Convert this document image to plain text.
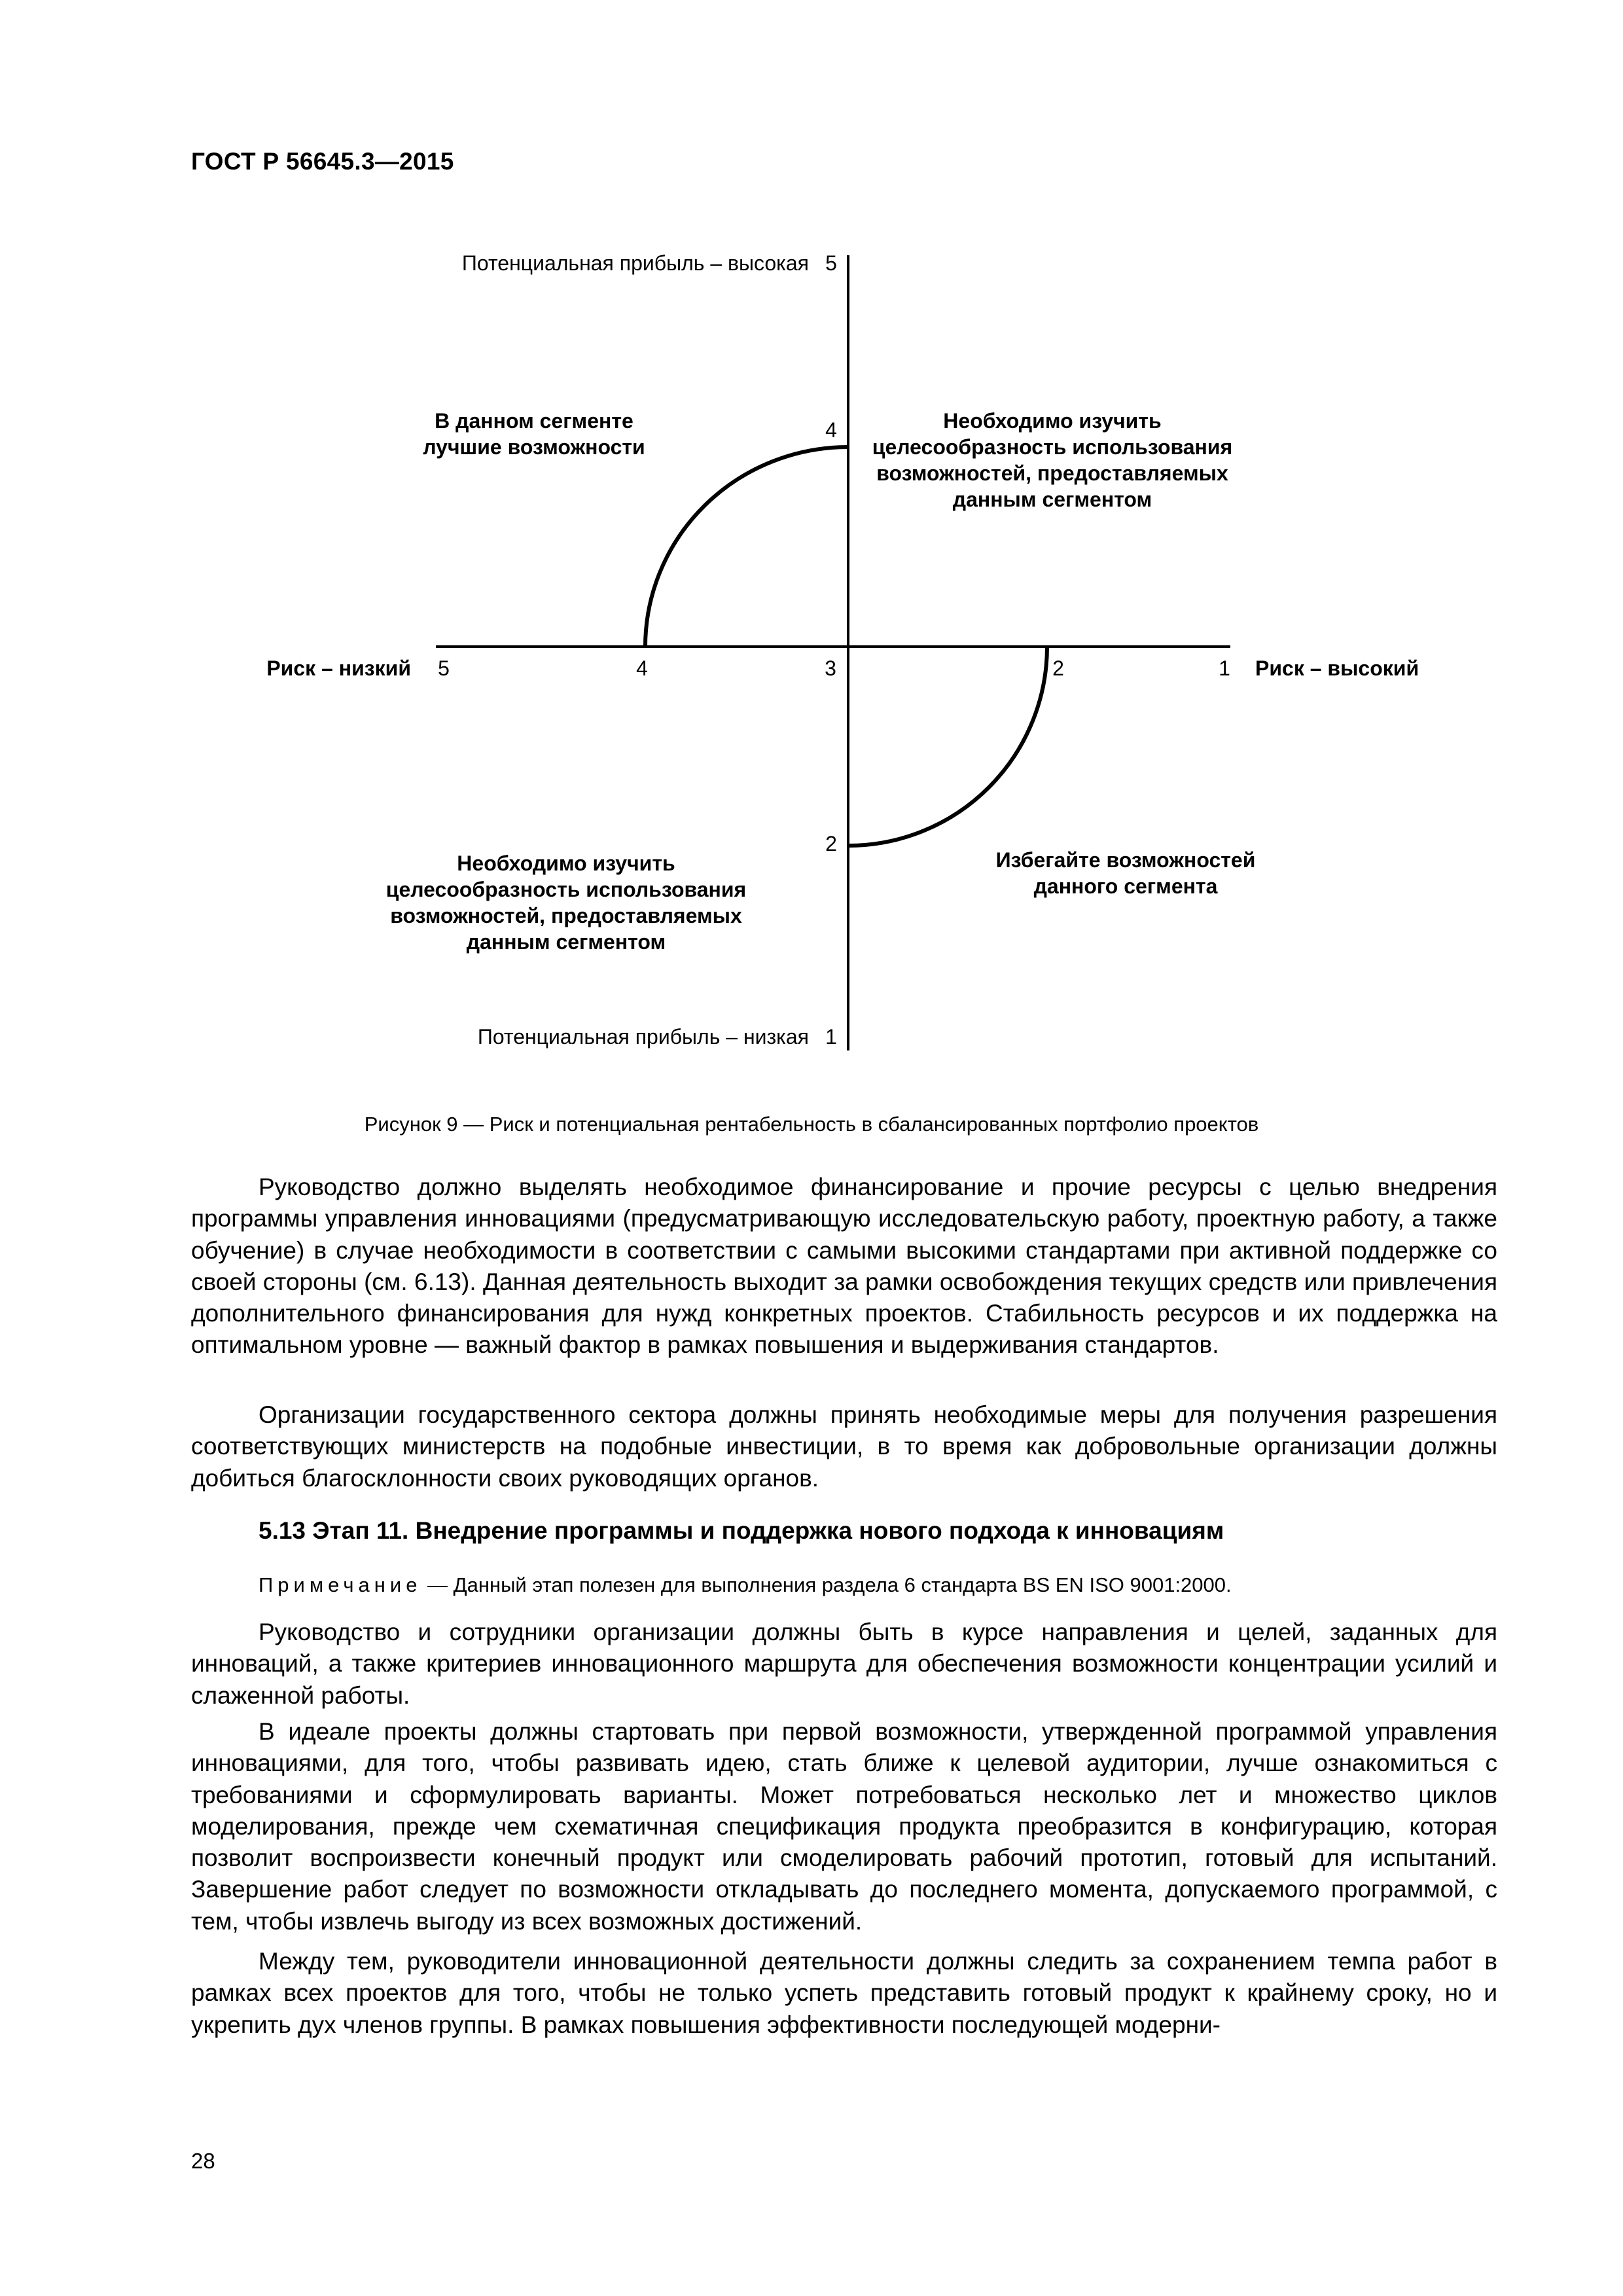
ГОСТ Р 56645.3—2015
Потенциальная прибыль – высокая 5
4
2
Потенциальная прибыль – низкая 1
Риск – низкий 5	4	3	2	1 Риск – высокий
В данном сегменте
лучшие возможности
Необходимо изучить
целесообразность использования
возможностей, предоставляемых
данным сегментом
Необходимо изучить
целесообразность использования
возможностей, предоставляемых
данным сегментом
Избегайте возможностей
данного сегмента
Рисунок 9 — Риск и потенциальная рентабельность в сбалансированных портфолио проектов

Руководство должно выделять необходимое финансирование и прочие ресурсы с целью внедрения программы управления инновациями (предусматривающую исследовательскую работу, проектную работу, а также обучение) в случае необходимости в соответствии с самыми высокими стандартами при активной поддержке со своей стороны (см. 6.13). Данная деятельность выходит за рамки освобождения текущих средств или привлечения дополнительного финансирования для нужд конкретных проектов. Стабильность ресурсов и их поддержка на оптимальном уровне — важный фактор в рамках повышения и выдерживания стандартов.

Организации государственного сектора должны принять необходимые меры для получения разрешения соответствующих министерств на подобные инвестиции, в то время как добровольные организации должны добиться благосклонности своих руководящих органов.

5.13 Этап 11. Внедрение программы и поддержка нового подхода к инновациям
Примечание — Данный этап полезен для выполнения раздела 6 стандарта BS EN ISO 9001:2000.

Руководство и сотрудники организации должны быть в курсе направления и целей, заданных для инноваций, а также критериев инновационного маршрута для обеспечения возможности концентрации усилий и слаженной работы.

В идеале проекты должны стартовать при первой возможности, утвержденной программой управления инновациями, для того, чтобы развивать идею, стать ближе к целевой аудитории, лучше ознакомиться с требованиями и сформулировать варианты. Может потребоваться несколько лет и множество циклов моделирования, прежде чем схематичная спецификация продукта преобразится в конфигурацию, которая позволит воспроизвести конечный продукт или смоделировать рабочий прототип, готовый для испытаний. Завершение работ следует по возможности откладывать до последнего момента, допускаемого программой, с тем, чтобы извлечь выгоду из всех возможных достижений.

Между тем, руководители инновационной деятельности должны следить за сохранением темпа работ в рамках всех проектов для того, чтобы не только успеть представить готовый продукт к крайнему сроку, но и укрепить дух членов группы. В рамках повышения эффективности последующей модерни-

28
